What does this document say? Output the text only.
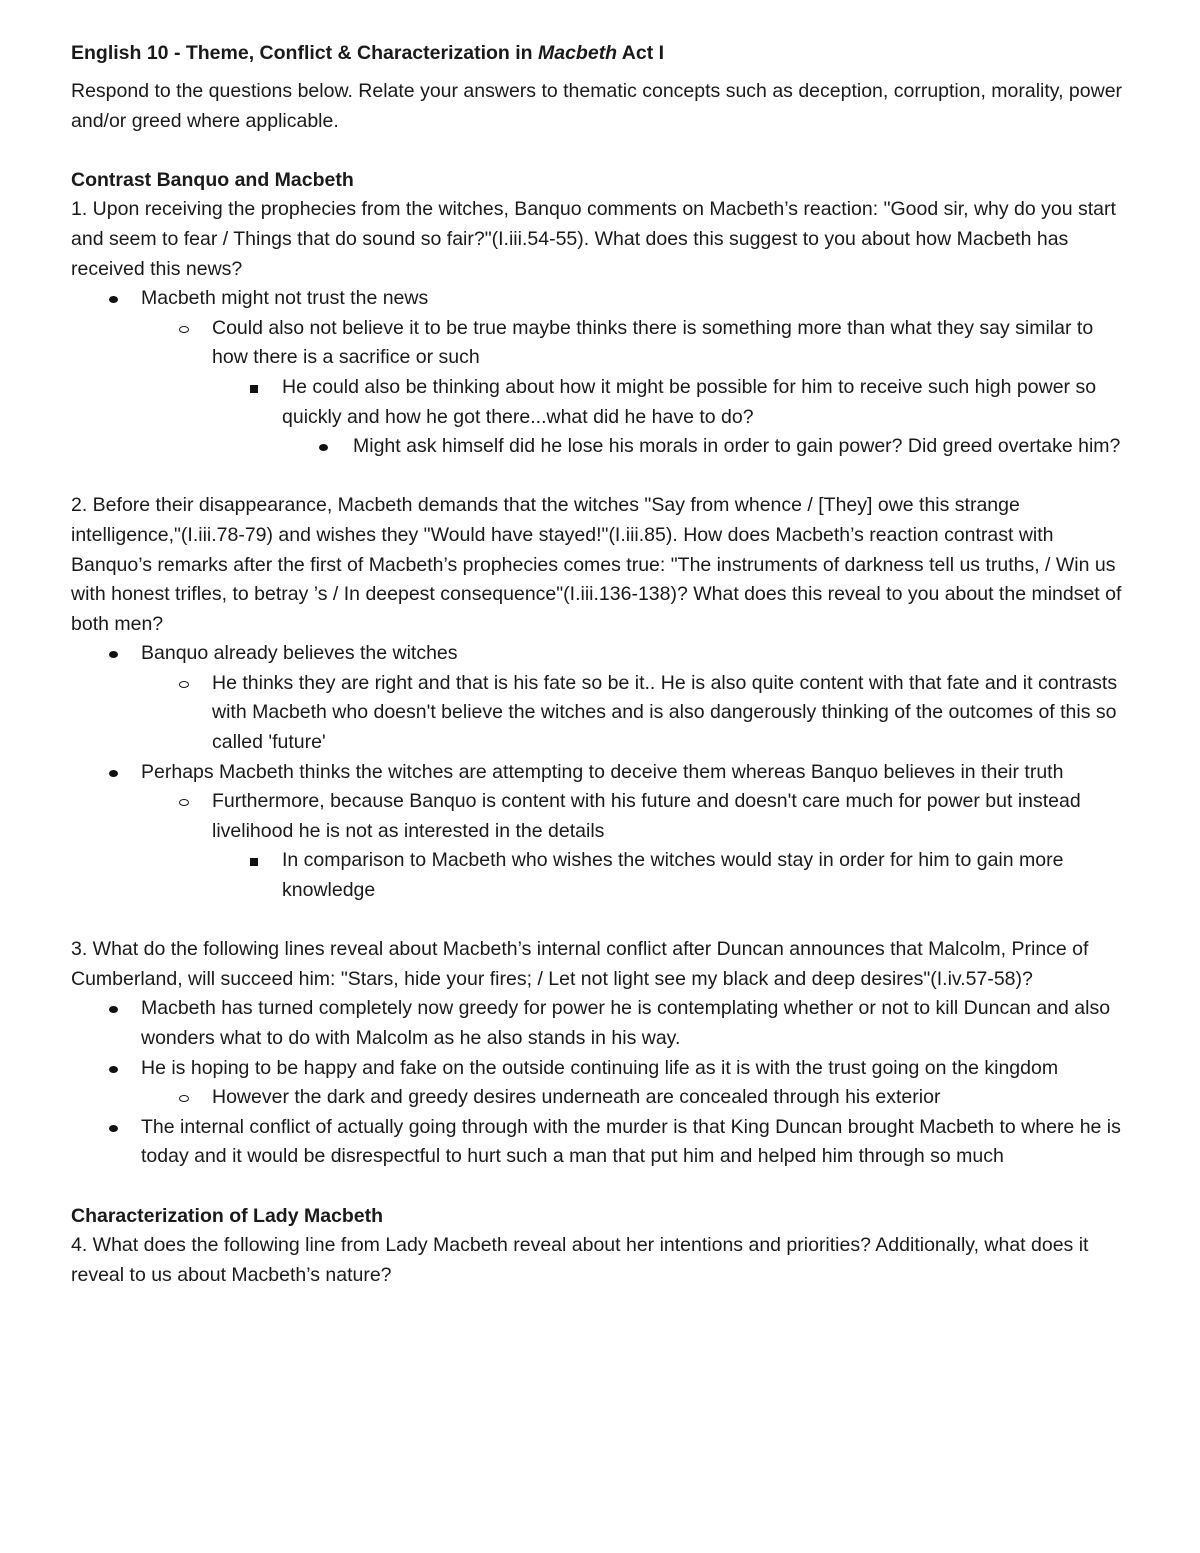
English 10 - Theme, Conflict & Characterization in Macbeth Act I

Respond to the questions below. Relate your answers to thematic concepts such as deception, corruption, morality, power and/or greed where applicable.

Contrast Banquo and Macbeth

1. Upon receiving the prophecies from the witches, Banquo comments on Macbeth’s reaction: "Good sir, why do you start and seem to fear / Things that do sound so fair?"(I.iii.54-55). What does this suggest to you about how Macbeth has received this news?

Macbeth might not trust the news
Could also not believe it to be true maybe thinks there is something more than what they say similar to how there is a sacrifice or such
He could also be thinking about how it might be possible for him to receive such high power so quickly and how he got there...what did he have to do?
Might ask himself did he lose his morals in order to gain power? Did greed overtake him?

2. Before their disappearance, Macbeth demands that the witches "Say from whence / [They] owe this strange intelligence,"(I.iii.78-79) and wishes they "Would have stayed!"(I.iii.85). How does Macbeth’s reaction contrast with Banquo’s remarks after the first of Macbeth’s prophecies comes true: "The instruments of darkness tell us truths, / Win us with honest trifles, to betray ’s / In deepest consequence"(I.iii.136-138)? What does this reveal to you about the mindset of both men?

Banquo already believes the witches
He thinks they are right and that is his fate so be it.. He is also quite content with that fate and it contrasts with Macbeth who doesn't believe the witches and is also dangerously thinking of the outcomes of this so called 'future'
Perhaps Macbeth thinks the witches are attempting to deceive them whereas Banquo believes in their truth
Furthermore, because Banquo is content with his future and doesn't care much for power but instead livelihood he is not as interested in the details
In comparison to Macbeth who wishes the witches would stay in order for him to gain more knowledge

3. What do the following lines reveal about Macbeth’s internal conflict after Duncan announces that Malcolm, Prince of Cumberland, will succeed him: "Stars, hide your fires; / Let not light see my black and deep desires"(I.iv.57-58)?

Macbeth has turned completely now greedy for power he is contemplating whether or not to kill Duncan and also wonders what to do with Malcolm as he also stands in his way.
He is hoping to be happy and fake on the outside continuing life as it is with the trust going on the kingdom
However the dark and greedy desires underneath are concealed through his exterior
The internal conflict of actually going through with the murder is that King Duncan brought Macbeth to where he is today and it would be disrespectful to hurt such a man that put him and helped him through so much

Characterization of Lady Macbeth

4. What does the following line from Lady Macbeth reveal about her intentions and priorities? Additionally, what does it reveal to us about Macbeth’s nature?
